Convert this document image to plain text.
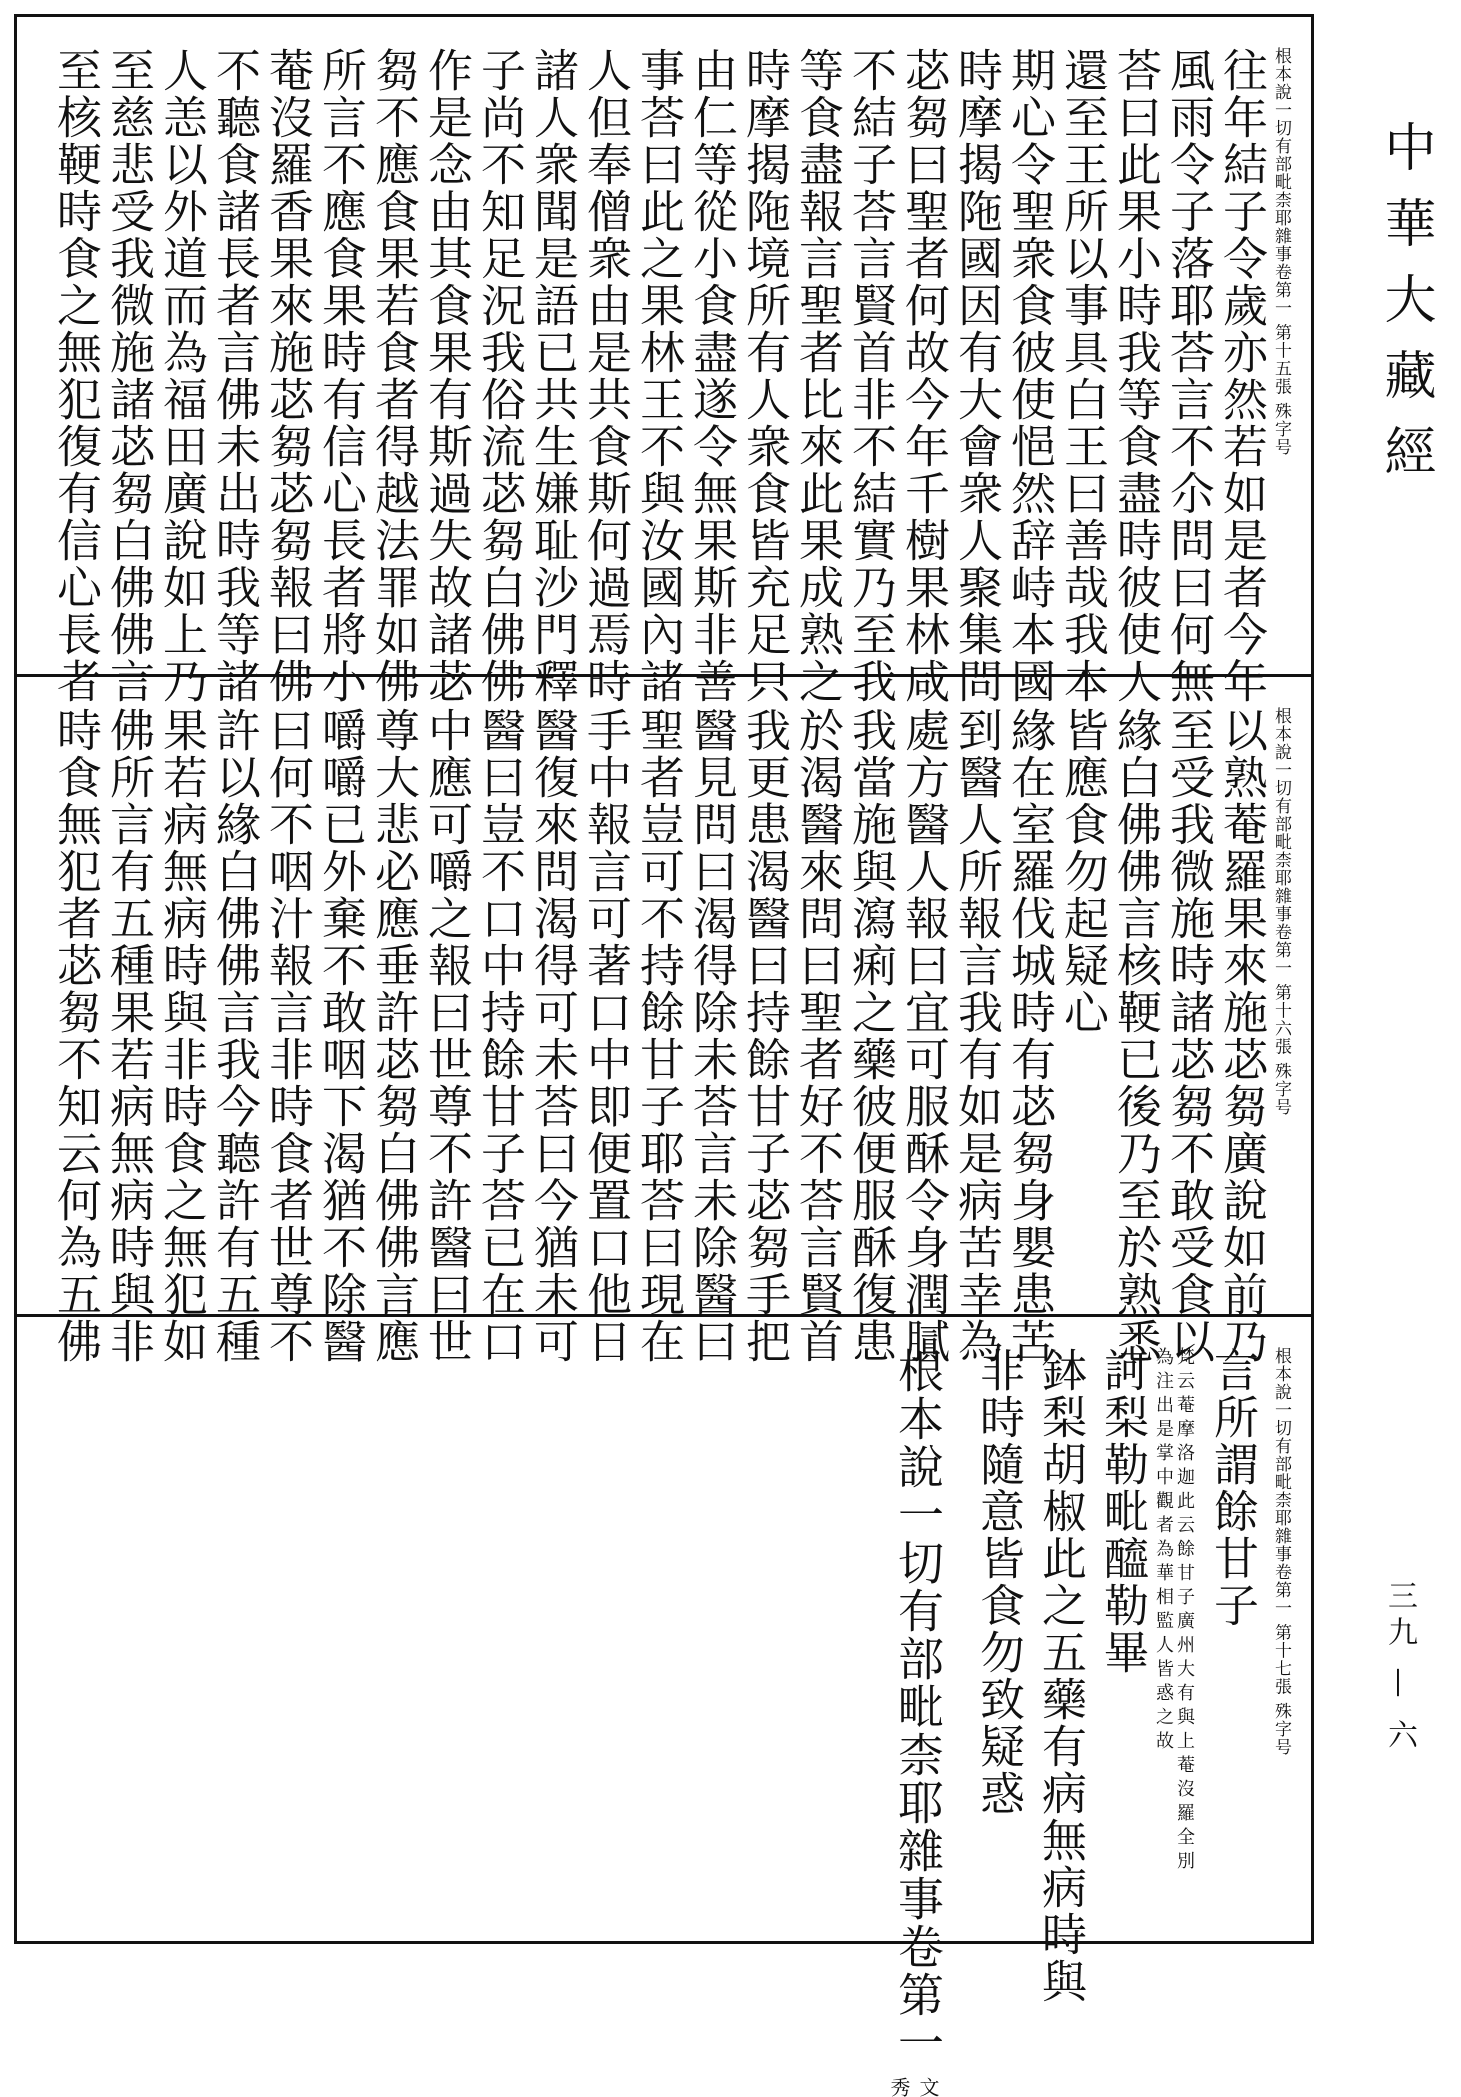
根本說一切有部毗柰耶雜事卷第一 第十五張 殊字号
往年結子令歲亦然若如是者今年
風雨令子落耶荅言不尒問曰何無
荅曰此果小時我等食盡時彼使人
還至王所以事具白王曰善哉我本
期心令聖衆食彼使悒然辞峙本國
時摩揭陁國因有大會衆人聚集問
苾芻曰聖者何故今年千樹果林咸
不結子荅言賢首非不結實乃至我
等食盡報言聖者比來此果成熟之
時摩揭陁境所有人衆食皆充足只
由仁等從小食盡遂令無果斯非善
事荅曰此之果林王不與汝國內諸
人但奉僧衆由是共食斯何過焉時
諸人衆聞是語已共生嫌耻沙門釋
子尚不知足況我俗流苾芻白佛佛
作是念由其食果有斯過失故諸苾
芻不應食果若食者得越法罪如佛
所言不應食果時有信心長者將小
菴沒羅香果來施苾芻苾芻報曰佛
不聽食諸長者言佛未出時我等諸
人恙以外道而為福田廣說如上乃
至慈悲受我微施諸苾芻白佛佛言
至核鞕時食之無犯復有信心長者
根本說一切有部毗柰耶雜事卷第一 第十六張 殊字号
以熟菴羅果來施苾芻廣說如前乃
至受我微施時諸苾芻不敢受食以
緣白佛佛言核鞕已後乃至於熟悉
皆應食勿起疑心
緣在室羅伐城時有苾芻身嬰患苦
到醫人所報言我有如是病苦幸為
處方醫人報曰宜可服酥令身潤膩
我當施與瀉痢之藥彼便服酥復患
於渴醫來問曰聖者好不荅言賢首
我更患渴醫曰持餘甘子苾芻手把
醫見問曰渴得除未荅言未除醫曰
聖者豈可不持餘甘子耶荅曰現在
手中報言可著口中即便置口他日
醫復來問渴得可未荅曰今猶未可
醫曰豈不口中持餘甘子荅已在口
中應可嚼之報曰世尊不許醫曰世
尊大悲必應垂許苾芻白佛佛言應
嚼嚼已外棄不敢咽下渴猶不除醫
曰何不咽汁報言非時食者世尊不
許以緣白佛佛言我今聽許有五種
果若病無病時與非時食之無犯如
佛所言有五種果若病無病時與非
時食無犯者苾芻不知云何為五佛
根本說一切有部毗柰耶雜事卷第一 第十七張 殊字号
言所謂餘甘子
梵云菴摩洛迦此云餘甘子廣州大有與上菴沒羅全別
為注出是掌中觀者為華相監人皆惑之故
訶梨勒毗醯勒畢
鉢梨胡椒此之五藥有病無病時與
非時隨意皆食勿致疑惑
根本說一切有部毗柰耶雜事卷第一
文秀
中華大藏經
三九 — 六
